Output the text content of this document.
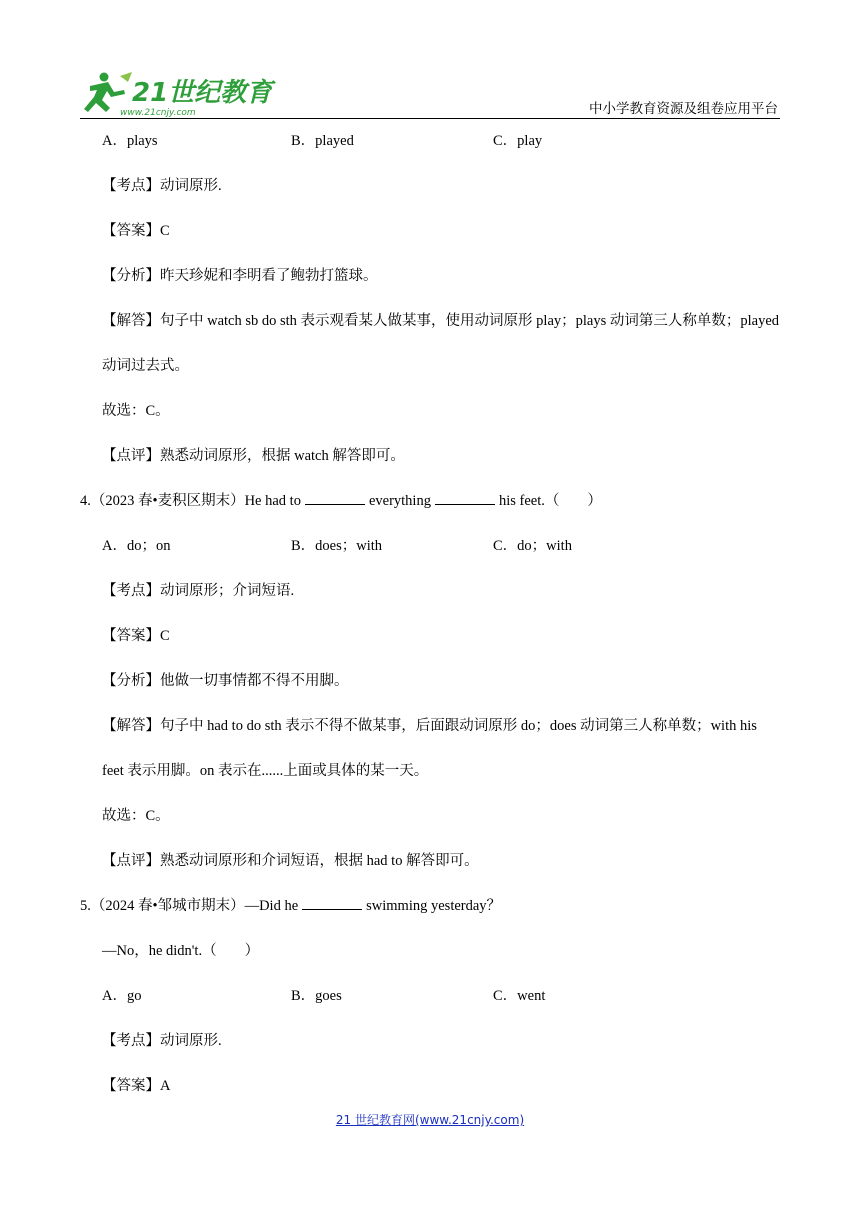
21世纪教育
www.21cnjy.com	中小学教育资源及组卷应用平台
A．plays	B．played	C．play
【考点】动词原形.
【答案】C
【分析】昨天珍妮和李明看了鲍勃打篮球。
【解答】句子中 watch sb do sth 表示观看某人做某事，使用动词原形 play；plays 动词第三人称单数；played
动词过去式。
故选：C。
【点评】熟悉动词原形，根据 watch 解答即可。
4.（2023 春•麦积区期末）He had to	everything	his feet.（ ）
A．do；on	B．does；with	C．do；with
【考点】动词原形；介词短语.
【答案】C
【分析】他做一切事情都不得不用脚。
【解答】句子中 had to do sth 表示不得不做某事，后面跟动词原形 do；does 动词第三人称单数；with his
feet 表示用脚。on 表示在......上面或具体的某一天。
故选：C。
【点评】熟悉动词原形和介词短语，根据 had to 解答即可。
5.（2024 春•邹城市期末）—Did he	swimming yesterday？
—No，he didn't.（ ）
A．go	B．goes	C．went
【考点】动词原形.
【答案】A
21 世纪教育网(www.21cnjy.com)
